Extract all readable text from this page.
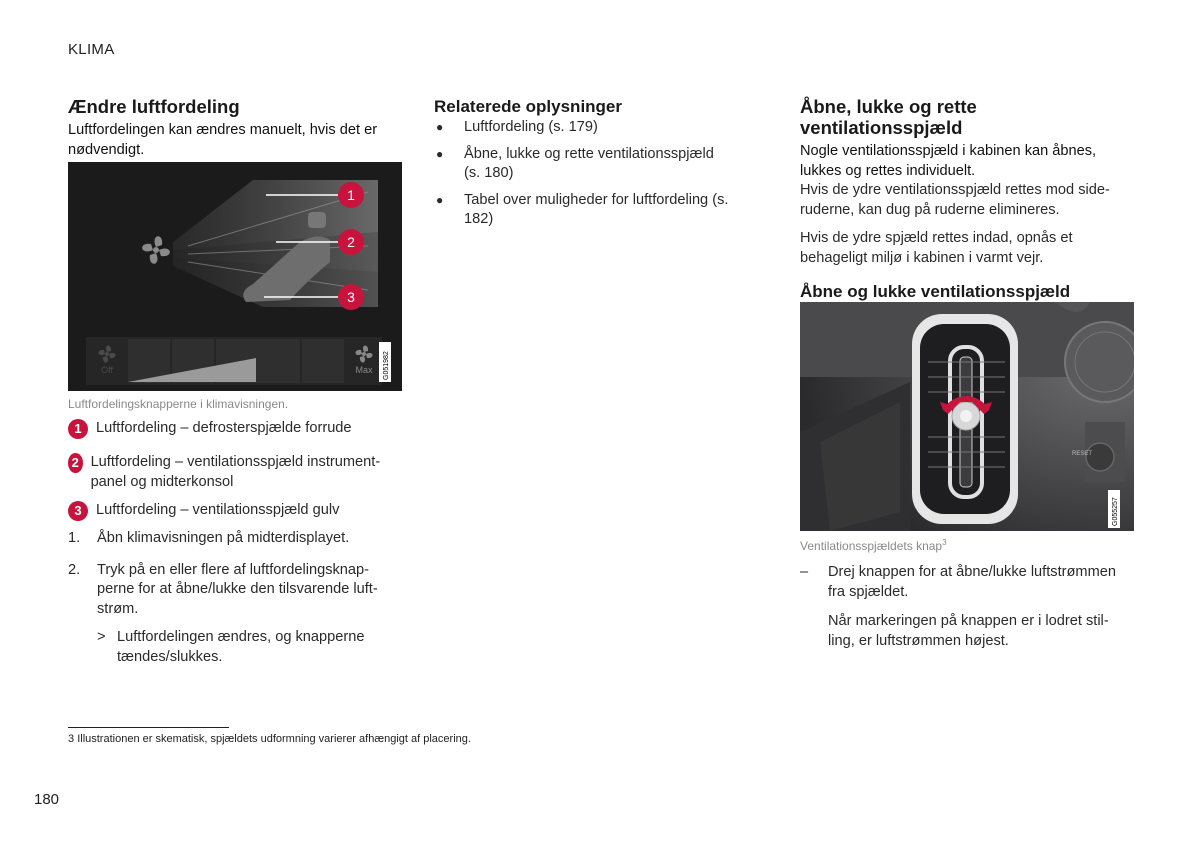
KLIMA
Ændre luftfordeling

Luftfordelingen kan ændres manuelt, hvis det er nødvendigt.

1
2
3
Off	Max G051982
Luftfordelingsknapperne i klimavisningen.
1 Luftfordeling – defrosterspjælde forrude
2 Luftfordeling – ventilationsspjæld instrumentpanel og midterkonsol
3 Luftfordeling – ventilationsspjæld gulv
1.	Åbn klimavisningen på midterdisplayet.
2.	Tryk på en eller flere af luftfordelingsknapperne for at åbne/lukke den tilsvarende luftstrøm.
> Luftfordelingen ændres, og knapperne tændes/slukkes.
Relaterede oplysninger
●	Luftfordeling (s. 179)
●	Åbne, lukke og rette ventilationsspjæld (s. 180)
●	Tabel over muligheder for luftfordeling (s. 182)
Åbne, lukke og rette ventilationsspjæld

Nogle ventilationsspjæld i kabinen kan åbnes, lukkes og rettes individuelt.

Hvis de ydre ventilationsspjæld rettes mod sideruderne, kan dug på ruderne elimineres.

Hvis de ydre spjæld rettes indad, opnås et behageligt miljø i kabinen i varmt vejr.

Åbne og lukke ventilationsspjæld
RESET
G055257
Ventilationsspjældets knap$^3$
–	Drej knappen for at åbne/lukke luftstrømmen fra spjældet.

Når markeringen på knappen er i lodret stilling, er luftstrømmen højest.

3 Illustrationen er skematisk, spjældets udformning varierer afhængigt af placering.
180
